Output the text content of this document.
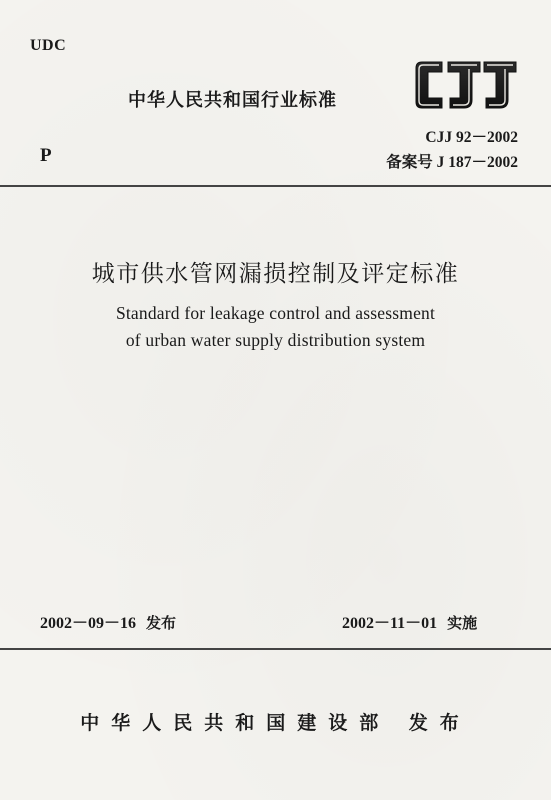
UDC
中华人民共和国行业标准
CJJ 92－2002
P	备案号 J 187－2002
城市供水管网漏损控制及评定标准
Standard for leakage control and assessment
of urban water supply distribution system
2002－09－16 发布	2002－11－01 实施
中华人民共和国建设部 发布
